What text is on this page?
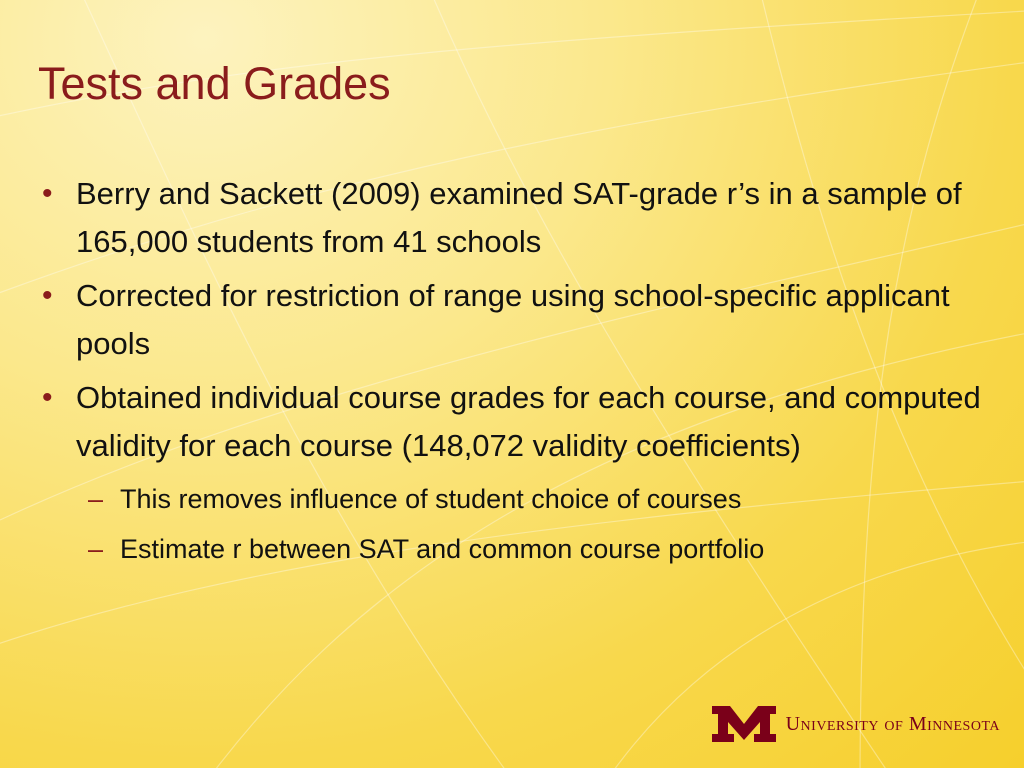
Tests and Grades
• Berry and Sackett (2009) examined SAT-grade r’s in a sample of 165,000 students from 41 schools
• Corrected for restriction of range using school-specific applicant pools
• Obtained individual course grades for each course, and computed validity for each course (148,072 validity coefficients)
– This removes influence of student choice of courses
– Estimate r between SAT and common course portfolio
University of Minnesota
